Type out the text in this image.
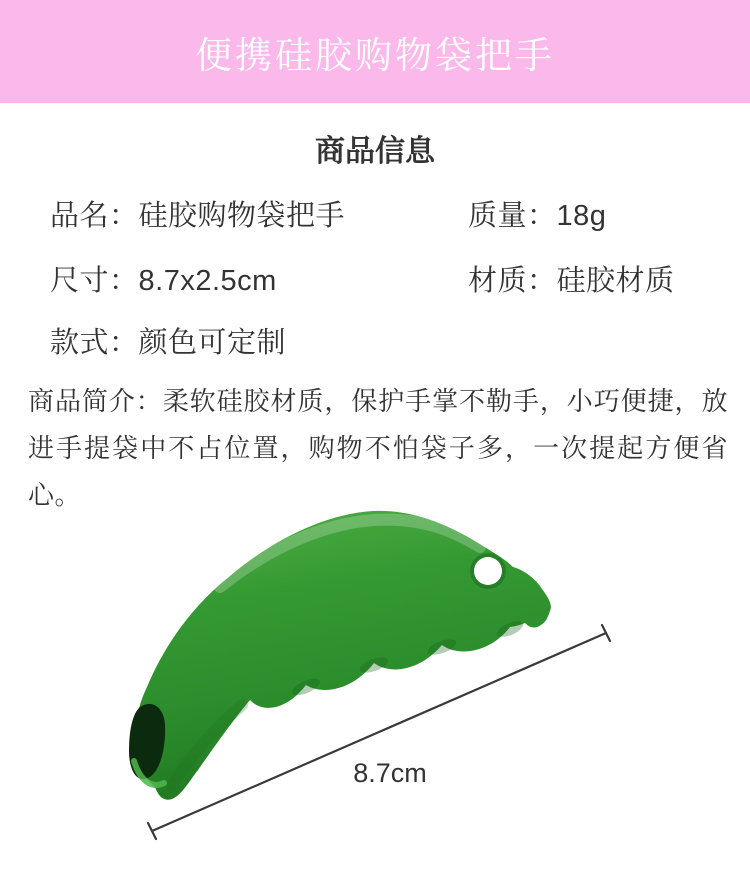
便携硅胶购物袋把手
商品信息
品名：硅胶购物袋把手	质量：18g
尺寸：8.7x2.5cm	材质：硅胶材质
款式：颜色可定制
商品简介：柔软硅胶材质，保护手掌不勒手，小巧便捷，放进手提袋中不占位置，购物不怕袋子多，一次提起方便省心。
8.7cm
